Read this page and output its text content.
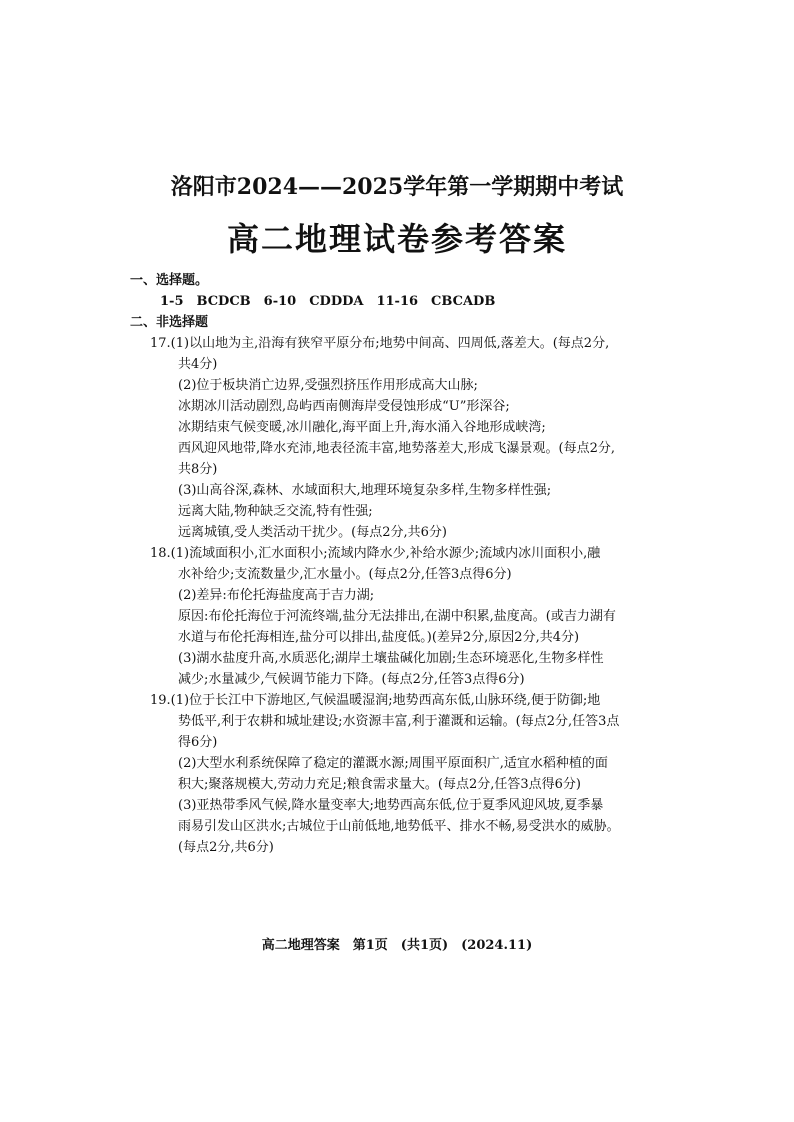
洛阳市2024——2025学年第一学期期中考试
高二地理试卷参考答案
一、选择题。
1-5　BCDCB　6-10　CDDDA　11-16　CBCADB
二、非选择题
17.(1)以山地为主,沿海有狭窄平原分布;地势中间高、四周低,落差大。(每点2分,
共4分)
(2)位于板块消亡边界,受强烈挤压作用形成高大山脉;
冰期冰川活动剧烈,岛屿西南侧海岸受侵蚀形成“U”形深谷;
冰期结束气候变暖,冰川融化,海平面上升,海水涌入谷地形成峡湾;
西风迎风地带,降水充沛,地表径流丰富,地势落差大,形成飞瀑景观。(每点2分,
共8分)
(3)山高谷深,森林、水域面积大,地理环境复杂多样,生物多样性强;
远离大陆,物种缺乏交流,特有性强;
远离城镇,受人类活动干扰少。(每点2分,共6分)
18.(1)流域面积小,汇水面积小;流域内降水少,补给水源少;流域内冰川面积小,融
水补给少;支流数量少,汇水量小。(每点2分,任答3点得6分)
(2)差异:布伦托海盐度高于吉力湖;
原因:布伦托海位于河流终端,盐分无法排出,在湖中积累,盐度高。(或吉力湖有
水道与布伦托海相连,盐分可以排出,盐度低。)(差异2分,原因2分,共4分)
(3)湖水盐度升高,水质恶化;湖岸土壤盐碱化加剧;生态环境恶化,生物多样性
减少;水量减少,气候调节能力下降。(每点2分,任答3点得6分)
19.(1)位于长江中下游地区,气候温暖湿润;地势西高东低,山脉环绕,便于防御;地
势低平,利于农耕和城址建设;水资源丰富,利于灌溉和运输。(每点2分,任答3点
得6分)
(2)大型水利系统保障了稳定的灌溉水源;周围平原面积广,适宜水稻种植的面
积大;聚落规模大,劳动力充足;粮食需求量大。(每点2分,任答3点得6分)
(3)亚热带季风气候,降水量变率大;地势西高东低,位于夏季风迎风坡,夏季暴
雨易引发山区洪水;古城位于山前低地,地势低平、排水不畅,易受洪水的威胁。
(每点2分,共6分)
高二地理答案　第1页　(共1页)　(2024.11)
